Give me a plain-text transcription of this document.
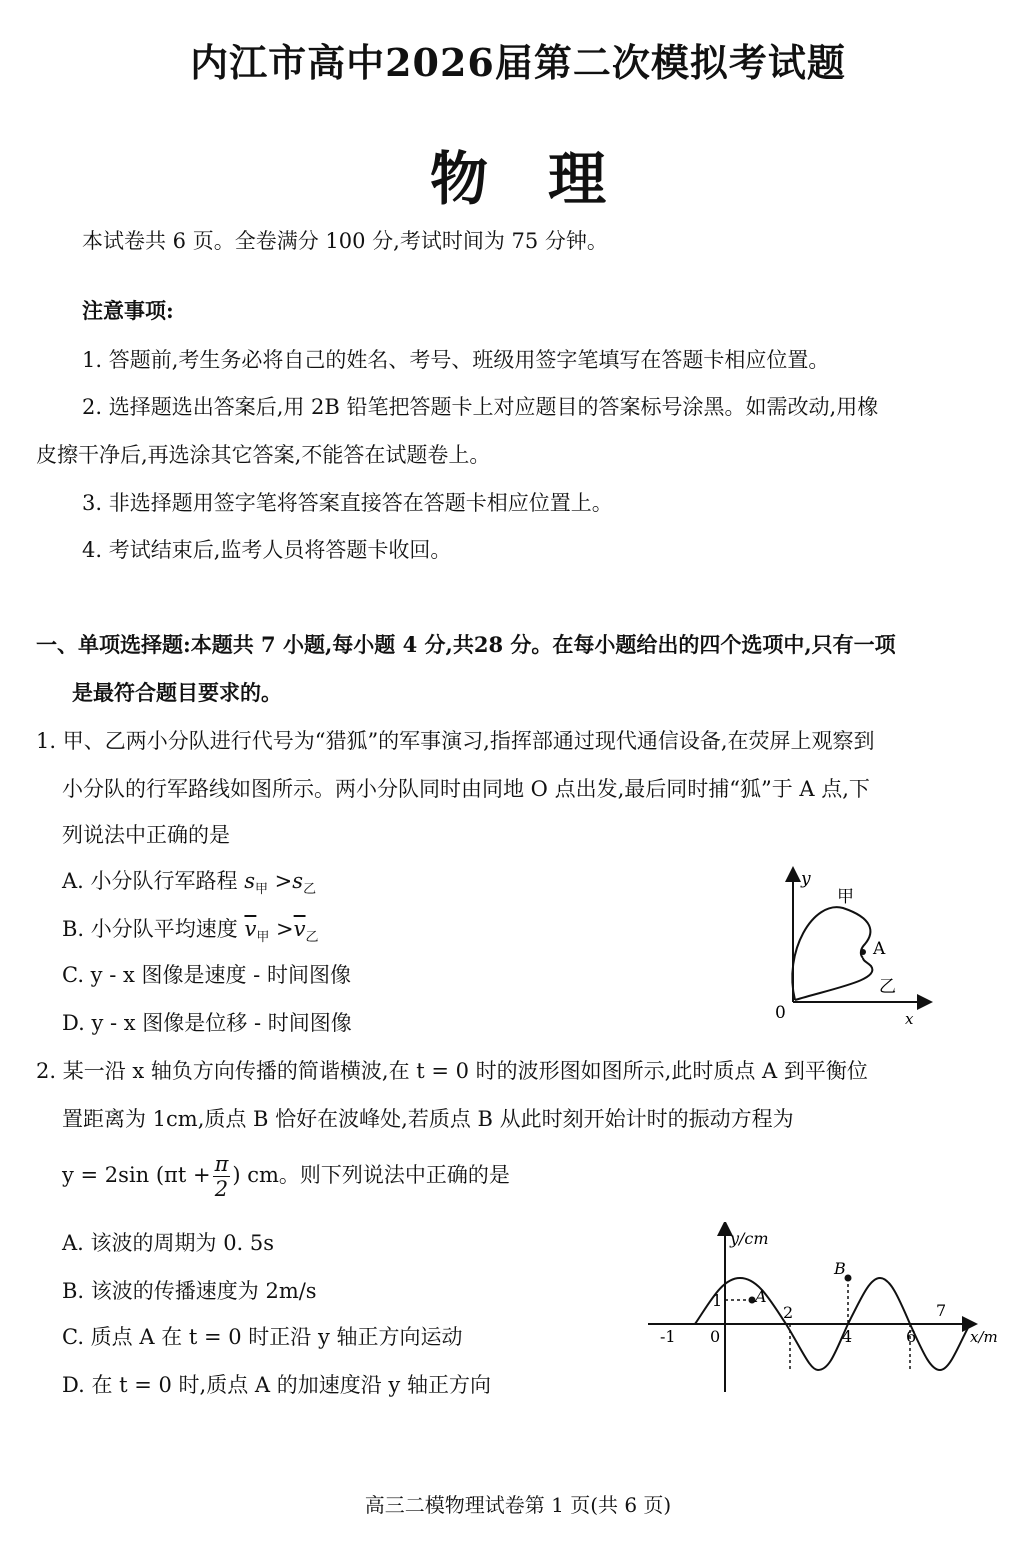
内江市高中2026届第二次模拟考试题
物理
本试卷共 6 页。全卷满分 100 分,考试时间为 75 分钟。
注意事项:
1. 答题前,考生务必将自己的姓名、考号、班级用签字笔填写在答题卡相应位置。
2. 选择题选出答案后,用 2B 铅笔把答题卡上对应题目的答案标号涂黑。如需改动,用橡
皮擦干净后,再选涂其它答案,不能答在试题卷上。
3. 非选择题用签字笔将答案直接答在答题卡相应位置上。
4. 考试结束后,监考人员将答题卡收回。
一、单项选择题:本题共 7 小题,每小题 4 分,共28 分。在每小题给出的四个选项中,只有一项
是最符合题目要求的。
1. 甲、乙两小分队进行代号为“猎狐”的军事演习,指挥部通过现代通信设备,在荧屏上观察到
小分队的行军路线如图所示。两小分队同时由同地 O 点出发,最后同时捕“狐”于 A 点,下
列说法中正确的是
A. 小分队行军路程 $s_甲 >s_乙$
B. 小分队平均速度 $\overline{v}_甲 >\overline{v}_乙$
C. y - x 图像是速度 - 时间图像
D. y - x 图像是位移 - 时间图像
y
x
0
甲
A
乙
2. 某一沿 x 轴负方向传播的简谐横波,在 t = 0 时的波形图如图所示,此时质点 A 到平衡位
置距离为 1cm,质点 B 恰好在波峰处,若质点 B 从此时刻开始计时的振动方程为
y = 2sin ($\pi t + \frac{\pi}{2}$ ) cm。则下列说法中正确的是
A. 该波的周期为 0. 5s
B. 该波的传播速度为 2m/s
C. 质点 A 在 t = 0 时正沿 y 轴正方向运动
D. 在 t = 0 时,质点 A 的加速度沿 y 轴正方向
y/cm
x/m
-1 0
2
4	6
7
1 A
B
高三二模物理试卷第 1 页(共 6 页)
